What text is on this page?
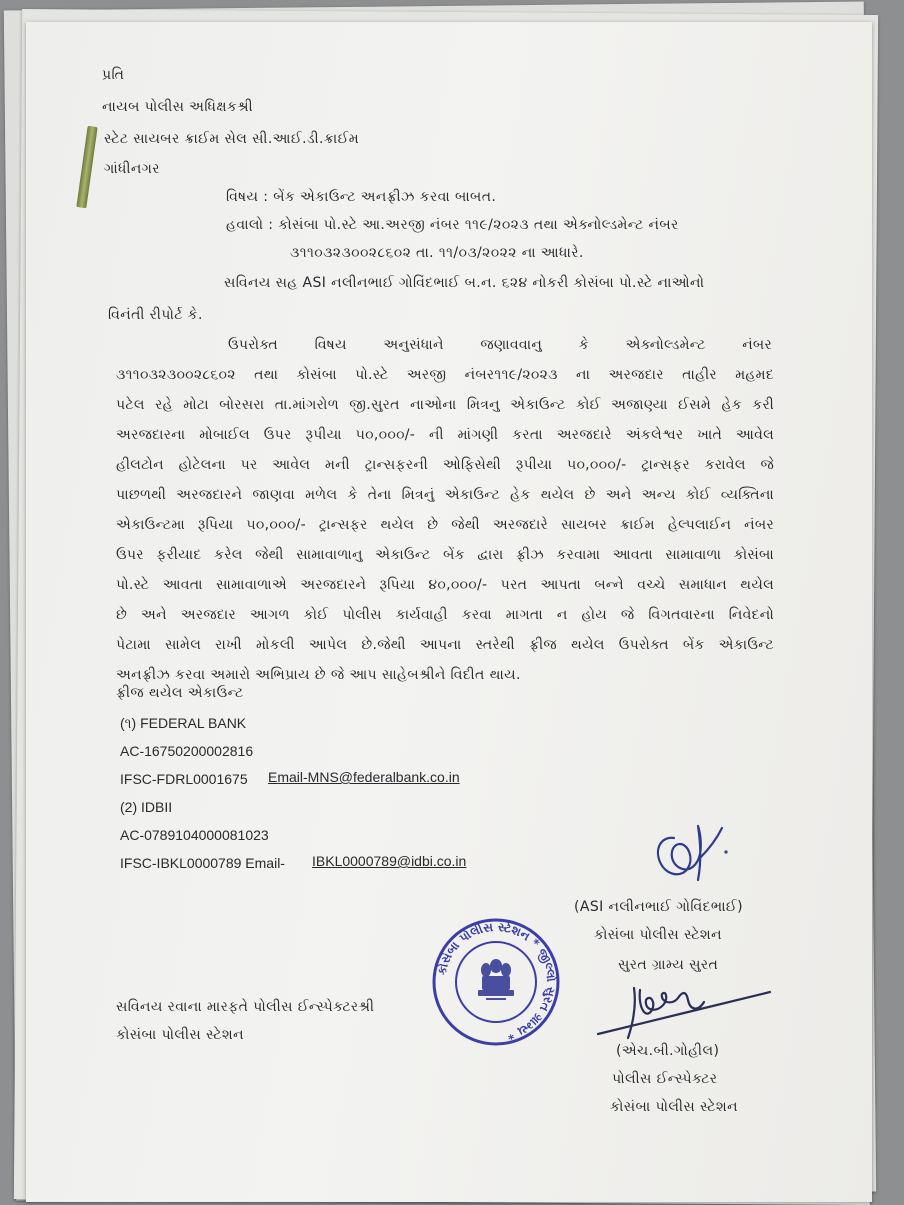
પ્રતિ
નાયબ પોલીસ અધિક્ષકશ્રી
સ્ટેટ સાયબર ક્રાઈમ સેલ સી.આઈ.ડી.ક્રાઈમ
ગાંધીનગર
વિષય : બેંક એકાઉન્ટ અનફ્રીઝ કરવા બાબત.
હવાલો : કોસંબા પો.સ્ટે આ.અરજી નંબર ૧૧૯/૨૦૨૩ તથા એક્નોલ્ડમેન્ટ નંબર
૩૧૧૦૩૨૩૦૦૨૮૬૦૨ તા. ૧૧/૦૩/૨૦૨૨ ના આધારે.
સવિનય સહ ASI નલીનભાઈ ગોવિંદભાઈ બ.ન. ૬૨૪ નોકરી કોસંબા પો.સ્ટે નાઓનો
વિનંતી રીપોર્ટ કે.
ઉપરોક્ત વિષય અનુસંધાને જણાવવાનુ કે એક્નોલ્ડમેન્ટ નંબર
૩૧૧૦૩૨૩૦૦૨૮૬૦૨ તથા કોસંબા પો.સ્ટે અરજી નંબર૧૧૯/૨૦૨૩ ના અરજદાર તાહીર મહમદ
પટેલ રહે મોટા બોરસરા તા.માંગરોળ જી.સુરત નાઓના મિત્રનુ એકાઉન્ટ કોઈ અજાણ્યા ઈસમે હેક કરી
અરજદારના મોબાઈલ ઉપર રૂપીયા ૫૦,૦૦૦/- ની માંગણી કરતા અરજદારે અંકલેશ્વર ખાતે આવેલ
હીલટોન હોટેલના પર આવેલ મની ટ્રાન્સફરની ઓફિસેથી રૂપીયા ૫૦,૦૦૦/- ટ્રાન્સફર કરાવેલ જે
પાછળથી અરજદારને જાણવા મળેલ કે તેના મિત્રનું એકાઉન્ટ હેક થયેલ છે અને અન્ય કોઈ વ્યક્તિના
એકાઉન્ટમા રૂપિયા ૫૦,૦૦૦/- ટ્રાન્સફર થયેલ છે જેથી અરજદારે સાયબર ક્રાઈમ હેલ્પલાઈન નંબર
ઉપર ફરીયાદ કરેલ જેથી સામાવાળાનુ એકાઉન્ટ બેંક દ્વારા ફ્રીઝ કરવામા આવતા સામાવાળા કોસંબા
પો.સ્ટે આવતા સામાવાળાએ અરજદારને રૂપિયા ૪૦,૦૦૦/- પરત આપતા બન્ને વચ્ચે સમાધાન થયેલ
છે અને અરજદાર આગળ કોઈ પોલીસ કાર્યવાહી કરવા માગતા ન હોય જે વિગતવારના નિવેદનો
પેટામા સામેલ રાખી મોકલી આપેલ છે.જેથી આપના સ્તરેથી ફ્રીજ થયેલ ઉપરોક્ત બેંક એકાઉન્ટ
અનફ્રીઝ કરવા અમારો અભિપ્રાય છે જે આપ સાહેબશ્રીને વિદીત થાય.
ફ્રીજ થયેલ એકાઉન્ટ
(૧) FEDERAL BANK
AC-16750200002816
IFSC-FDRL0001675 Email-MNS@federalbank.co.in
(2) IDBII
AC-0789104000081023
IFSC-IBKL0000789 Email- IBKL0000789@idbi.co.in
(ASI નલીનભાઈ ગોવિંદભાઈ)
કોસંબા પોલીસ સ્ટેશન
સુરત ગ્રામ્ય સુરત
કોસંબા પોલીસ સ્ટેશન * જીલ્લો સુરત ગ્રામ્ય *
સવિનય રવાના મારફતે પોલીસ ઈન્સ્પેક્ટરશ્રી
કોસંબા પોલીસ સ્ટેશન
(એચ.બી.ગોહીલ)
પોલીસ ઈન્સ્પેક્ટર
કોસંબા પોલીસ સ્ટેશન
